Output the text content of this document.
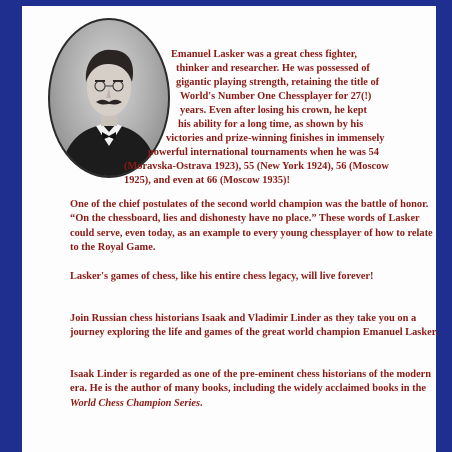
Emanuel Lasker was a great chess fighter,
thinker and researcher. He was possessed of
gigantic playing strength, retaining the title of
World's Number One Chessplayer for 27(!)
years. Even after losing his crown, he kept
his ability for a long time, as shown by his
victories and prize-winning finishes in immensely
powerful international tournaments when he was 54
(Moravska-Ostrava 1923), 55 (New York 1924), 56 (Moscow
1925), and even at 66 (Moscow 1935)!

One of the chief postulates of the second world champion was the battle of honor. “On the chessboard, lies and dishonesty have no place.” These words of Lasker could serve, even today, as an example to every young chessplayer of how to relate to the Royal Game.

Lasker's games of chess, like his entire chess legacy, will live forever!

Join Russian chess historians Isaak and Vladimir Linder as they take you on a journey exploring the life and games of the great world champion Emanuel Lasker.

Isaak Linder is regarded as one of the pre-eminent chess historians of the modern era. He is the author of many books, including the widely acclaimed books in the World Chess Champion Series.
